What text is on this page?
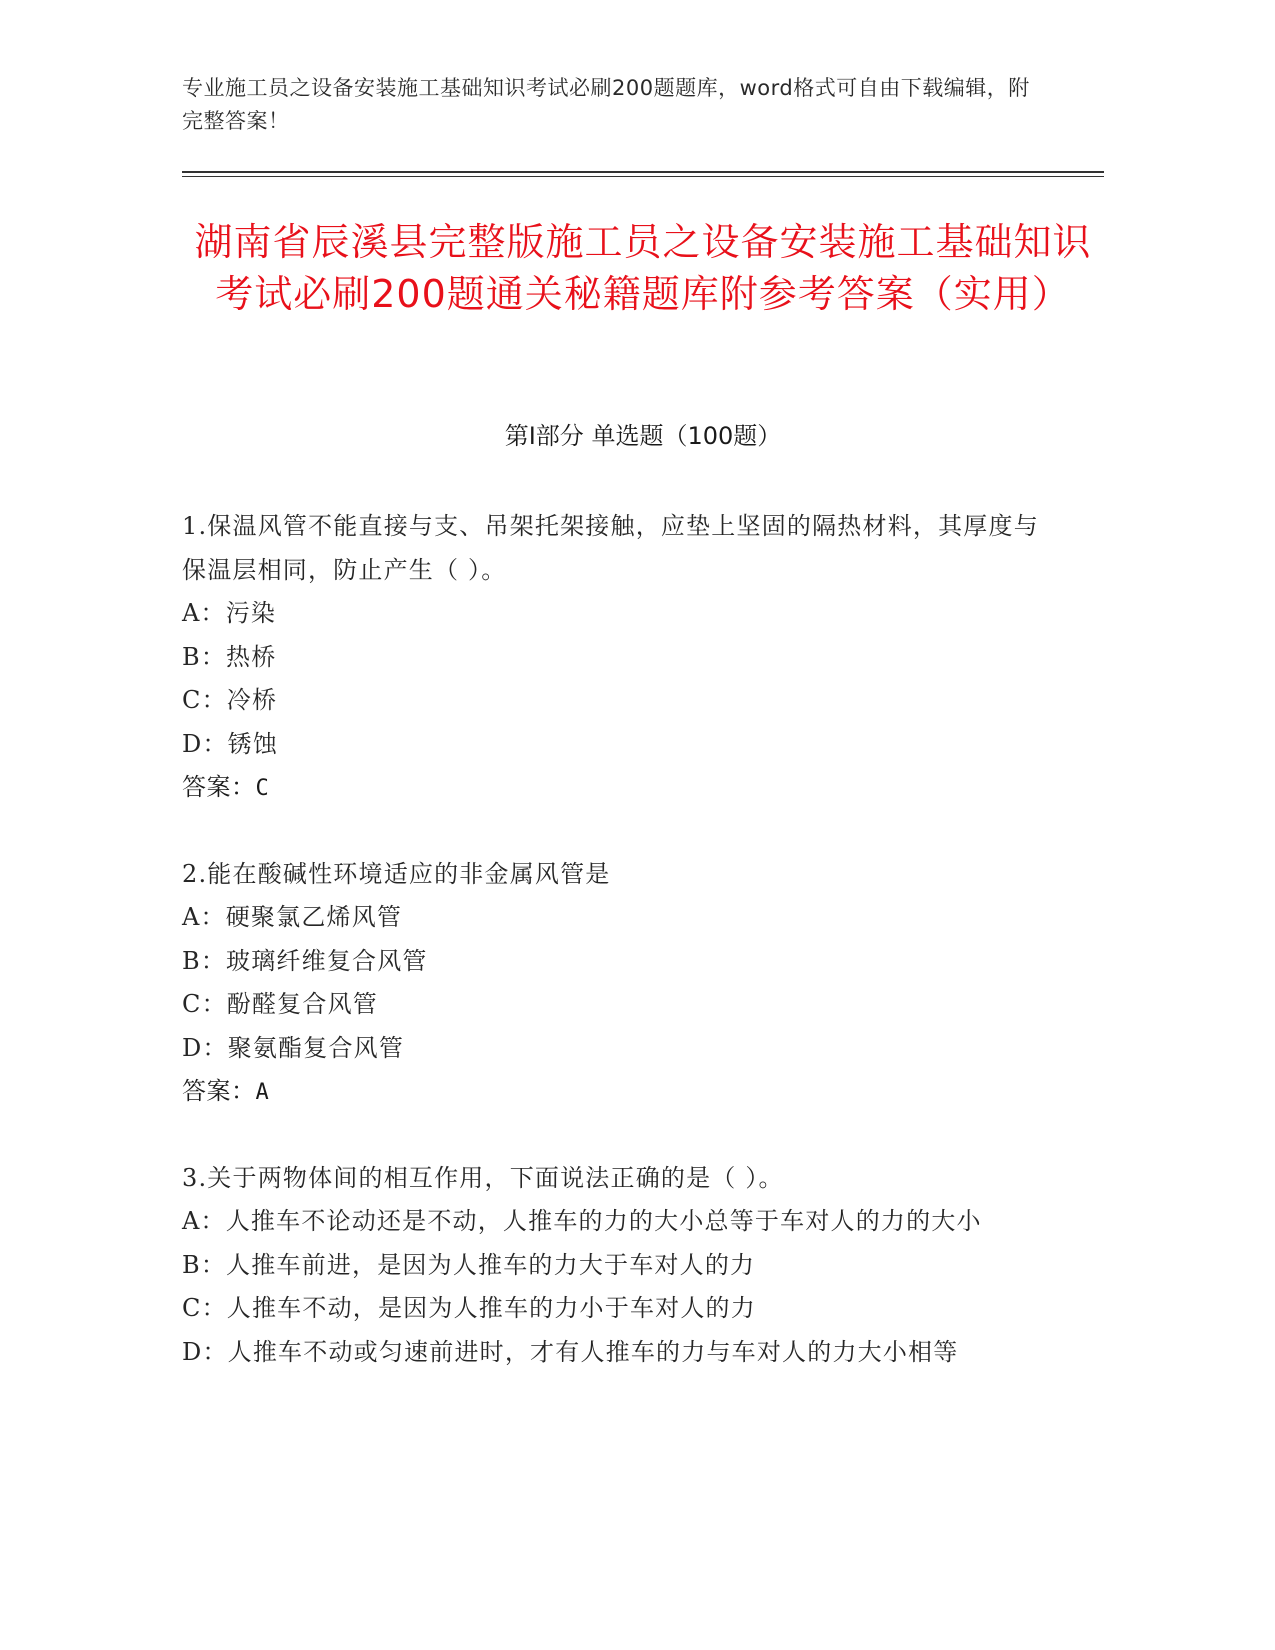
专业施工员之设备安装施工基础知识考试必刷200题题库，word格式可自由下载编辑，附完整答案！
湖南省辰溪县完整版施工员之设备安装施工基础知识考试必刷200题通关秘籍题库附参考答案（实用）
第Ⅰ部分 单选题（100题）
1.保温风管不能直接与支、吊架托架接触，应垫上坚固的隔热材料，其厚度与保温层相同，防止产生（ ）。
A：污染
B：热桥
C：冷桥
D：锈蚀
答案：C
2.能在酸碱性环境适应的非金属风管是
A：硬聚氯乙烯风管
B：玻璃纤维复合风管
C：酚醛复合风管
D：聚氨酯复合风管
答案：A
3.关于两物体间的相互作用，下面说法正确的是（ ）。
A：人推车不论动还是不动，人推车的力的大小总等于车对人的力的大小
B：人推车前进，是因为人推车的力大于车对人的力
C：人推车不动，是因为人推车的力小于车对人的力
D：人推车不动或匀速前进时，才有人推车的力与车对人的力大小相等
